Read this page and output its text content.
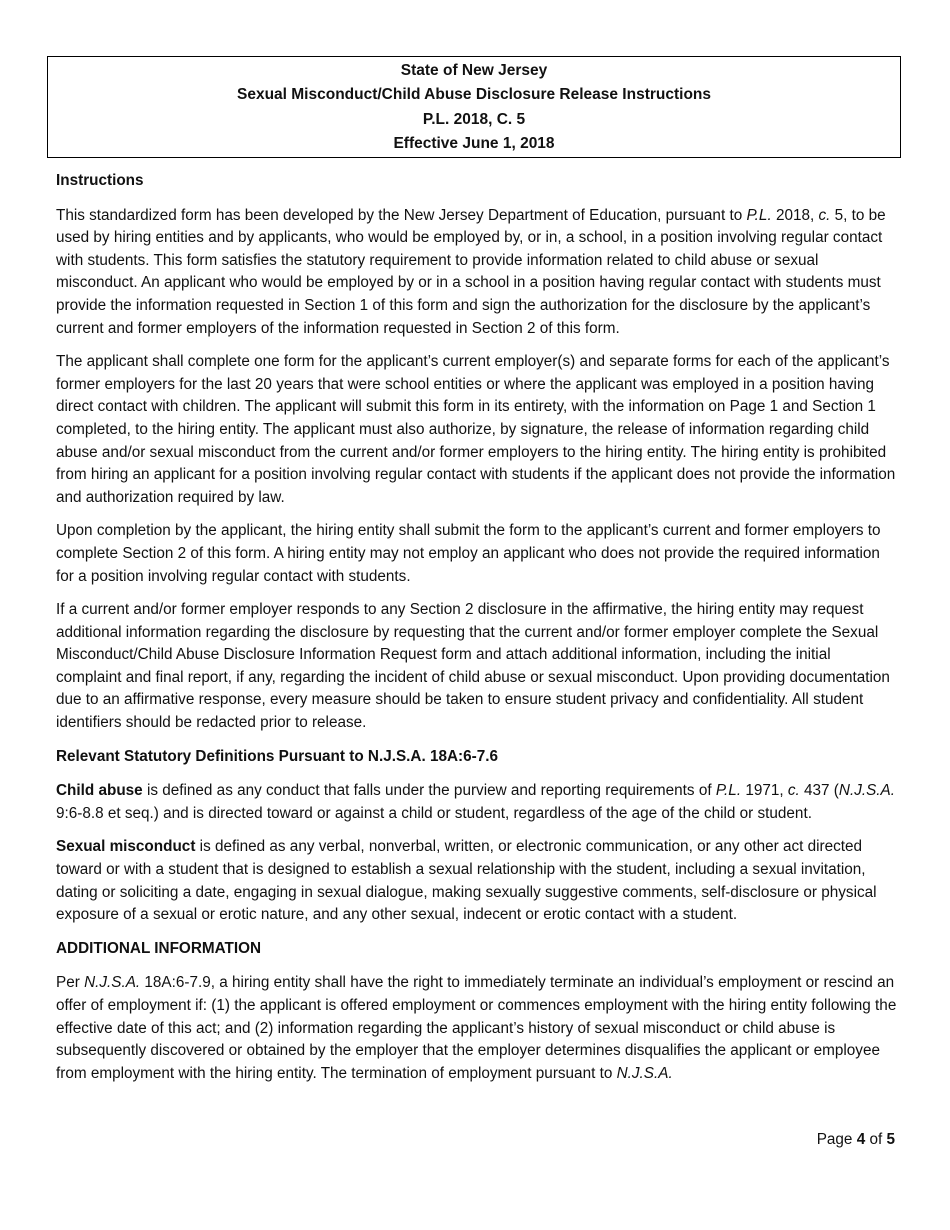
State of New Jersey
Sexual Misconduct/Child Abuse Disclosure Release Instructions
P.L. 2018, C. 5
Effective June 1, 2018

Instructions

This standardized form has been developed by the New Jersey Department of Education, pursuant to P.L. 2018, c. 5, to be used by hiring entities and by applicants, who would be employed by, or in, a school, in a position involving regular contact with students. This form satisfies the statutory requirement to provide information related to child abuse or sexual misconduct. An applicant who would be employed by or in a school in a position having regular contact with students must provide the information requested in Section 1 of this form and sign the authorization for the disclosure by the applicant’s current and former employers of the information requested in Section 2 of this form.

The applicant shall complete one form for the applicant’s current employer(s) and separate forms for each of the applicant’s former employers for the last 20 years that were school entities or where the applicant was employed in a position having direct contact with children. The applicant will submit this form in its entirety, with the information on Page 1 and Section 1 completed, to the hiring entity. The applicant must also authorize, by signature, the release of information regarding child abuse and/or sexual misconduct from the current and/or former employers to the hiring entity. The hiring entity is prohibited from hiring an applicant for a position involving regular contact with students if the applicant does not provide the information and authorization required by law.

Upon completion by the applicant, the hiring entity shall submit the form to the applicant’s current and former employers to complete Section 2 of this form. A hiring entity may not employ an applicant who does not provide the required information for a position involving regular contact with students.

If a current and/or former employer responds to any Section 2 disclosure in the affirmative, the hiring entity may request additional information regarding the disclosure by requesting that the current and/or former employer complete the Sexual Misconduct/Child Abuse Disclosure Information Request form and attach additional information, including the initial complaint and final report, if any, regarding the incident of child abuse or sexual misconduct. Upon providing documentation due to an affirmative response, every measure should be taken to ensure student privacy and confidentiality. All student identifiers should be redacted prior to release.

Relevant Statutory Definitions Pursuant to N.J.S.A. 18A:6-7.6

Child abuse is defined as any conduct that falls under the purview and reporting requirements of P.L. 1971, c. 437 (N.J.S.A. 9:6-8.8 et seq.) and is directed toward or against a child or student, regardless of the age of the child or student.

Sexual misconduct is defined as any verbal, nonverbal, written, or electronic communication, or any other act directed toward or with a student that is designed to establish a sexual relationship with the student, including a sexual invitation, dating or soliciting a date, engaging in sexual dialogue, making sexually suggestive comments, self-disclosure or physical exposure of a sexual or erotic nature, and any other sexual, indecent or erotic contact with a student.

ADDITIONAL INFORMATION

Per N.J.S.A. 18A:6-7.9, a hiring entity shall have the right to immediately terminate an individual’s employment or rescind an offer of employment if: (1) the applicant is offered employment or commences employment with the hiring entity following the effective date of this act; and (2) information regarding the applicant’s history of sexual misconduct or child abuse is subsequently discovered or obtained by the employer that the employer determines disqualifies the applicant or employee from employment with the hiring entity. The termination of employment pursuant to N.J.S.A.

Page 4 of 5
